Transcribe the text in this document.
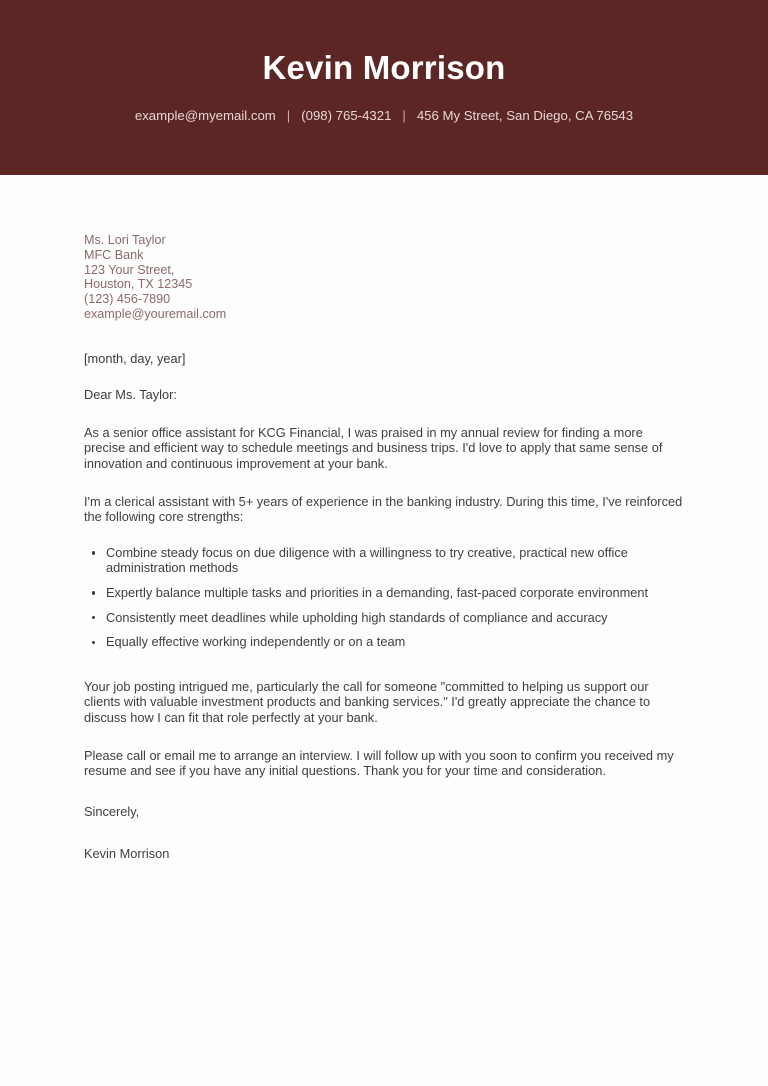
Kevin Morrison
example@myemail.com | (098) 765-4321 | 456 My Street, San Diego, CA 76543
Ms. Lori Taylor
MFC Bank
123 Your Street,
Houston, TX 12345
(123) 456-7890
example@youremail.com
[month, day, year]
Dear Ms. Taylor:

As a senior office assistant for KCG Financial, I was praised in my annual review for finding a more precise and efficient way to schedule meetings and business trips. I'd love to apply that same sense of innovation and continuous improvement at your bank.

I'm a clerical assistant with 5+ years of experience in the banking industry. During this time, I've reinforced the following core strengths:

Combine steady focus on due diligence with a willingness to try creative, practical new office administration methods
Expertly balance multiple tasks and priorities in a demanding, fast-paced corporate environment
Consistently meet deadlines while upholding high standards of compliance and accuracy
Equally effective working independently or on a team

Your job posting intrigued me, particularly the call for someone "committed to helping us support our clients with valuable investment products and banking services." I'd greatly appreciate the chance to discuss how I can fit that role perfectly at your bank.

Please call or email me to arrange an interview. I will follow up with you soon to confirm you received my resume and see if you have any initial questions. Thank you for your time and consideration.

Sincerely,
Kevin Morrison
